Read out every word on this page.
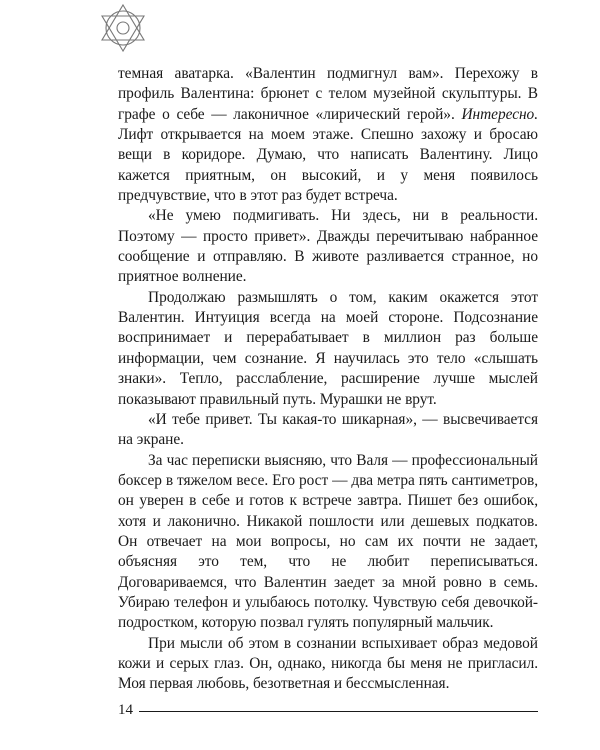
темная аватарка. «Валентин подмигнул вам». Перехожу в профиль Валентина: брюнет с телом музейной скульптуры. В графе о себе — лаконичное «лирический герой». Интересно. Лифт открывается на моем этаже. Спешно захожу и бросаю вещи в коридоре. Думаю, что написать Валентину. Лицо кажется приятным, он высокий, и у меня появилось предчувствие, что в этот раз будет встреча.

«Не умею подмигивать. Ни здесь, ни в реальности. Поэтому — просто привет». Дважды перечитываю набранное сообщение и отправляю. В животе разливается странное, но приятное волнение.

Продолжаю размышлять о том, каким окажется этот Валентин. Интуиция всегда на моей стороне. Подсознание воспринимает и перерабатывает в миллион раз больше информации, чем сознание. Я научилась это тело «слышать знаки». Тепло, расслабление, расширение лучше мыслей показывают правильный путь. Мурашки не врут.

«И тебе привет. Ты какая-то шикарная», — высвечивается на экране.

За час переписки выясняю, что Валя — профессиональный боксер в тяжелом весе. Его рост — два метра пять сантиметров, он уверен в себе и готов к встрече завтра. Пишет без ошибок, хотя и лаконично. Никакой пошлости или дешевых подкатов. Он отвечает на мои вопросы, но сам их почти не задает, объясняя это тем, что не любит переписываться. Договариваемся, что Валентин заедет за мной ровно в семь. Убираю телефон и улыбаюсь потолку. Чувствую себя девочкой-подростком, которую позвал гулять популярный мальчик.

При мысли об этом в сознании вспыхивает образ медовой кожи и серых глаз. Он, однако, никогда бы меня не пригласил. Моя первая любовь, безответная и бессмысленная.

14
